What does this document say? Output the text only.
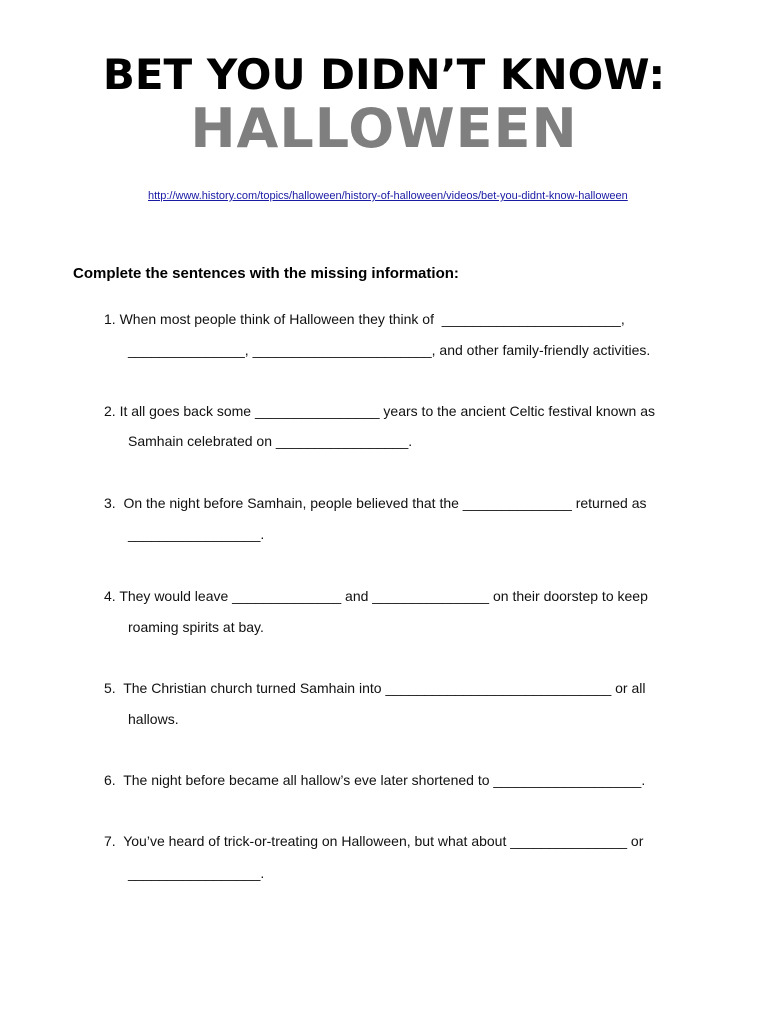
BET YOU DIDN’T KNOW:
HALLOWEEN
http://www.history.com/topics/halloween/history-of-halloween/videos/bet-you-didnt-know-halloween
Complete the sentences with the missing information:

1. When most people think of Halloween they think of  _______________________,

_______________, _______________________, and other family-friendly activities.

2. It all goes back some ________________ years to the ancient Celtic festival known as

Samhain celebrated on _________________.

3.  On the night before Samhain, people believed that the ______________ returned as

_________________.

4. They would leave ______________ and _______________ on their doorstep to keep

roaming spirits at bay.

5.  The Christian church turned Samhain into _____________________________ or all

hallows.

6.  The night before became all hallow’s eve later shortened to ___________________.

7.  You’ve heard of trick-or-treating on Halloween, but what about _______________ or

_________________.
